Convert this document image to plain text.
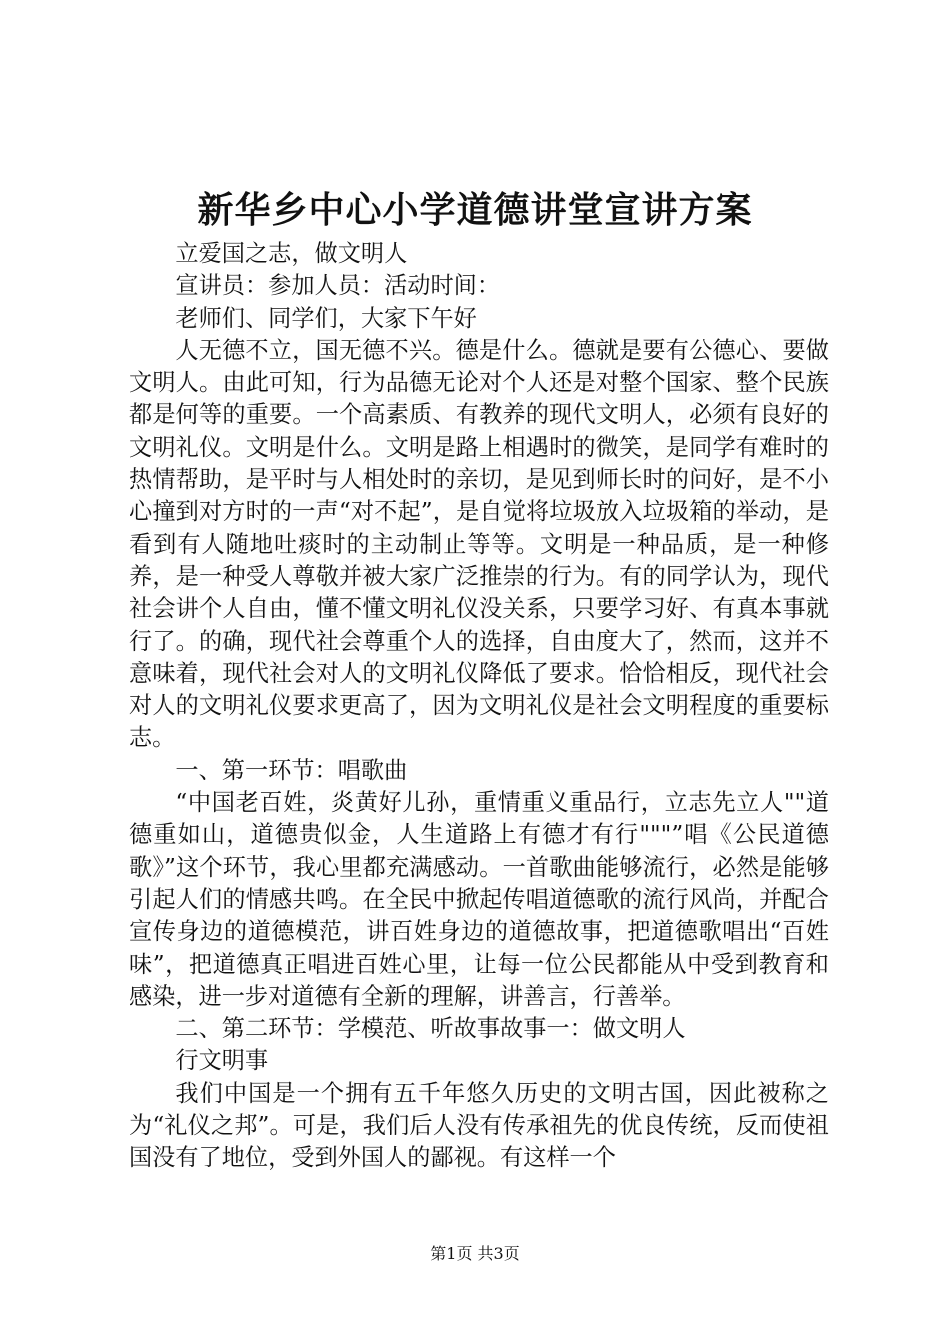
新华乡中心小学道德讲堂宣讲方案

立爱国之志，做文明人

宣讲员：参加人员：活动时间：

老师们、同学们，大家下午好

人无德不立，国无德不兴。德是什么。德就是要有公德心、要做文明人。由此可知，行为品德无论对个人还是对整个国家、整个民族都是何等的重要。一个高素质、有教养的现代文明人，必须有良好的文明礼仪。文明是什么。文明是路上相遇时的微笑，是同学有难时的热情帮助，是平时与人相处时的亲切，是见到师长时的问好，是不小心撞到对方时的一声“对不起”，是自觉将垃圾放入垃圾箱的举动，是看到有人随地吐痰时的主动制止等等。文明是一种品质，是一种修养，是一种受人尊敬并被大家广泛推崇的行为。有的同学认为，现代社会讲个人自由，懂不懂文明礼仪没关系，只要学习好、有真本事就行了。的确，现代社会尊重个人的选择，自由度大了，然而，这并不意味着，现代社会对人的文明礼仪降低了要求。恰恰相反，现代社会对人的文明礼仪要求更高了，因为文明礼仪是社会文明程度的重要标志。

一、第一环节：唱歌曲

“中国老百姓，炎黄好儿孙，重情重义重品行，立志先立人""道德重如山，道德贵似金，人生道路上有德才有行"""”唱《公民道德歌》”这个环节，我心里都充满感动。一首歌曲能够流行，必然是能够引起人们的情感共鸣。在全民中掀起传唱道德歌的流行风尚，并配合宣传身边的道德模范，讲百姓身边的道德故事，把道德歌唱出“百姓味”，把道德真正唱进百姓心里，让每一位公民都能从中受到教育和感染，进一步对道德有全新的理解，讲善言，行善举。

二、第二环节：学模范、听故事故事一：做文明人

行文明事

我们中国是一个拥有五千年悠久历史的文明古国，因此被称之为“礼仪之邦”。可是，我们后人没有传承祖先的优良传统，反而使祖国没有了地位，受到外国人的鄙视。有这样一个

第1页 共3页
